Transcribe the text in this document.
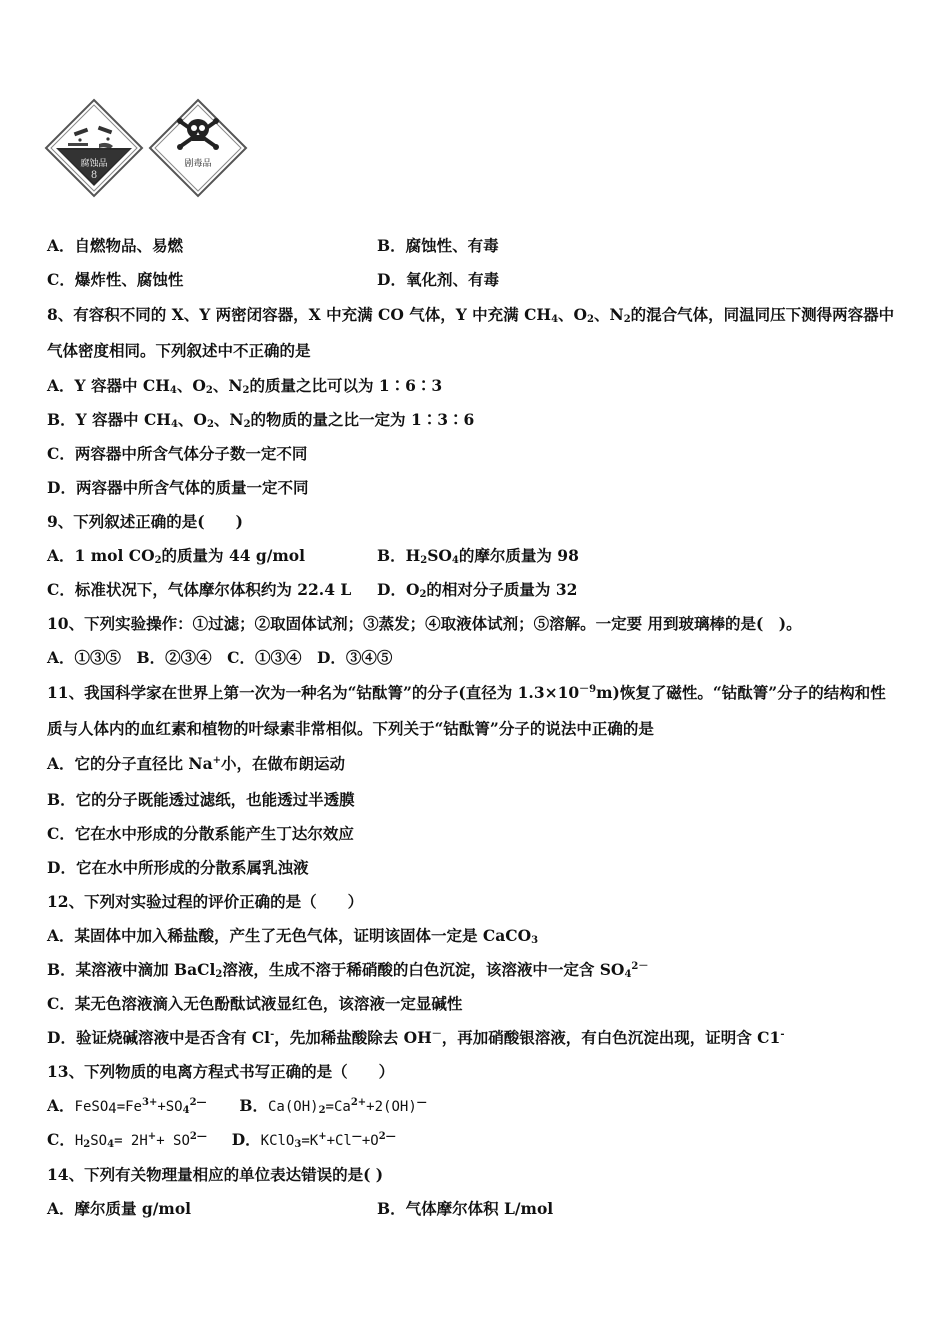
腐蚀品
8
剧毒品
A．自燃物品、易燃	B．腐蚀性、有毒
C．爆炸性、腐蚀性	D．氧化剂、有毒
8、有容积不同的 X、Y 两密闭容器，X 中充满 CO 气体，Y 中充满 $CH_4$、$O_2$、$N_2$的混合气体，同温同压下测得两容器中
气体密度相同。下列叙述中不正确的是
A．Y 容器中 $CH_4$、$O_2$、$N_2$的质量之比可以为 1∶6∶3
B．Y 容器中 $CH_4$、$O_2$、$N_2$的物质的量之比一定为 1∶3∶6
C．两容器中所含气体分子数一定不同
D．两容器中所含气体的质量一定不同
9、下列叙述正确的是(　　)
A．1 mol $CO_2$的质量为 44 g/mol	B．$H_2SO_4$的摩尔质量为 98
C．标准状况下，气体摩尔体积约为 22.4 L D．$O_2$的相对分子质量为 32
10、下列实验操作：①过滤；②取固体试剂；③蒸发；④取液体试剂；⑤溶解。一定要 用到玻璃棒的是(　)。
A．①③⑤　B．②③④　C．①③④　D．③④⑤
11、我国科学家在世界上第一次为一种名为“钴酞箐”的分子(直径为 $1.3\times 10^{-9}m$)恢复了磁性。“钴酞箐”分子的结构和性
质与人体内的血红素和植物的叶绿素非常相似。下列关于“钴酞箐”分子的说法中正确的是
A．它的分子直径比 Na+小，在做布朗运动
B．它的分子既能透过滤纸，也能透过半透膜
C．它在水中形成的分散系能产生丁达尔效应
D．它在水中所形成的分散系属乳浊液
12、下列对实验过程的评价正确的是（　　）
A．某固体中加入稀盐酸，产生了无色气体，证明该固体一定是 CaCO$_3$
B．某溶液中滴加 BaCl$_2$溶液，生成不溶于稀硝酸的白色沉淀，该溶液中一定含 $SO_4^{2-}$
C．某无色溶液滴入无色酚酞试液显红色，该溶液一定显碱性
D．验证烧碱溶液中是否含有 Cl-，先加稀盐酸除去 OH－，再加硝酸银溶液，有白色沉淀出现，证明含 C1-
13、下列物质的电离方程式书写正确的是（　　）
A．$FeSO_4=Fe^{3+}+SO_4^{2—}$ B．$Ca(OH)_2=Ca^{2+}+2(OH)^—$
C．$H_2SO_4= 2H^++ SO^{2—}$ D．$KClO_3=K^++Cl^—+O^{2—}$
14、下列有关物理量相应的单位表达错误的是( )
A．摩尔质量 g/mol	B．气体摩尔体积 L/mol
